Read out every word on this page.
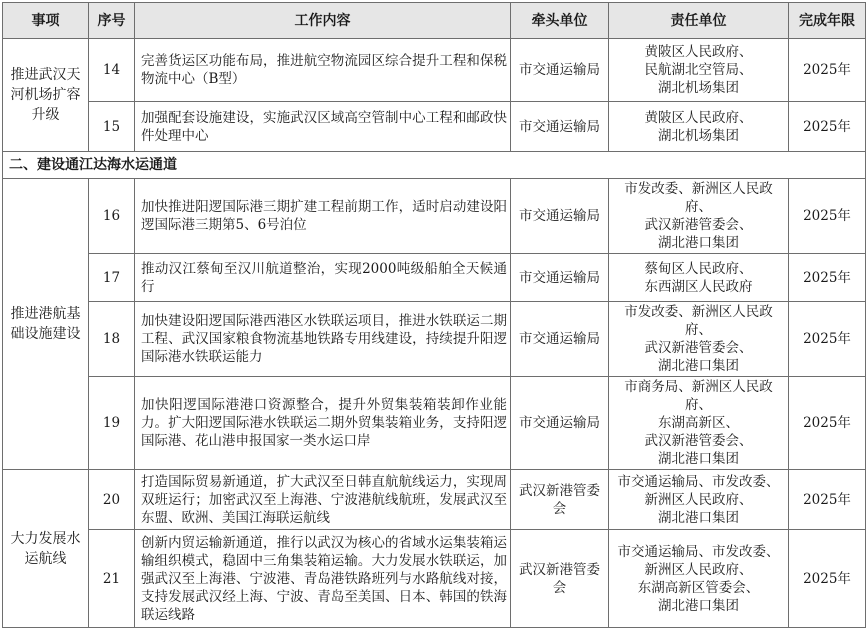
事项	序号	工作内容	牵头单位	责任单位	完成年限
推进武汉天河机场扩容升级	14	完善货运区功能布局，推进航空物流园区综合提升工程和保税物流中心（B型）	市交通运输局	黄陂区人民政府、
民航湖北空管局、
湖北机场集团	2025年
	15	加强配套设施建设，实施武汉区域高空管制中心工程和邮政快件处理中心	市交通运输局	黄陂区人民政府、
湖北机场集团	2025年
二、建设通江达海水运通道					
推进港航基础设施建设	16	加快推进阳逻国际港三期扩建工程前期工作，适时启动建设阳逻国际港三期第5、6号泊位	市交通运输局	市发改委、新洲区人民政府、
武汉新港管委会、
湖北港口集团	2025年
	17	推动汉江蔡甸至汉川航道整治，实现2000吨级船舶全天候通行	市交通运输局	蔡甸区人民政府、
东西湖区人民政府	2025年
	18	加快建设阳逻国际港西港区水铁联运项目，推进水铁联运二期工程、武汉国家粮食物流基地铁路专用线建设，持续提升阳逻国际港水铁联运能力	市交通运输局	市发改委、新洲区人民政府、
武汉新港管委会、
湖北港口集团	2025年
	19	加快阳逻国际港港口资源整合，提升外贸集装箱装卸作业能力。扩大阳逻国际港水铁联运二期外贸集装箱业务，支持阳逻国际港、花山港申报国家一类水运口岸	市交通运输局	市商务局、新洲区人民政府、
东湖高新区、
武汉新港管委会、
湖北港口集团	2025年
大力发展水运航线	20	打造国际贸易新通道，扩大武汉至日韩直航航线运力，实现周双班运行；加密武汉至上海港、宁波港航线航班，发展武汉至东盟、欧洲、美国江海联运航线	武汉新港管委会	市交通运输局、市发改委、
新洲区人民政府、
湖北港口集团	2025年
	21	创新内贸运输新通道，推行以武汉为核心的省域水运集装箱运输组织模式，稳固中三角集装箱运输。大力发展水铁联运，加强武汉至上海港、宁波港、青岛港铁路班列与水路航线对接，支持发展武汉经上海、宁波、青岛至美国、日本、韩国的铁海联运线路	武汉新港管委会	市交通运输局、市发改委、
新洲区人民政府、
东湖高新区管委会、
湖北港口集团	2025年
